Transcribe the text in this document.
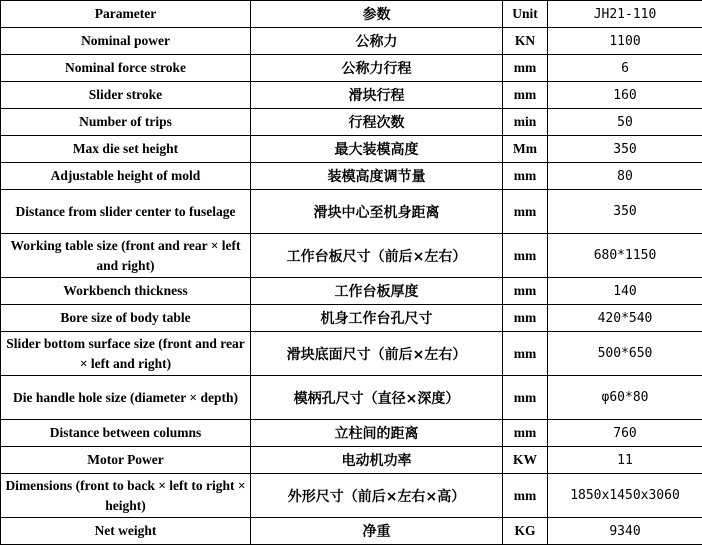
Parameter	参数	Unit	JH21-110
Nominal power	公称力	KN	1100
Nominal force stroke	公称力行程	mm	6
Slider stroke	滑块行程	mm	160
Number of trips	行程次数	min	50
Max die set height	最大装模高度	Mm	350
Adjustable height of mold	装模高度调节量	mm	80
Distance from slider center to fuselage	滑块中心至机身距离	mm	350
Working table size (front and rear × left and right)	工作台板尺寸（前后×左右）	mm	680*1150
Workbench thickness	工作台板厚度	mm	140
Bore size of body table	机身工作台孔尺寸	mm	420*540
Slider bottom surface size (front and rear × left and right)	滑块底面尺寸（前后×左右）	mm	500*650
Die handle hole size (diameter × depth)	模柄孔尺寸（直径×深度）	mm	φ60*80
Distance between columns	立柱间的距离	mm	760
Motor Power	电动机功率	KW	11
Dimensions (front to back × left to right × height)	外形尺寸（前后×左右×高）	mm	1850x1450x3060
Net weight	净重	KG	9340
